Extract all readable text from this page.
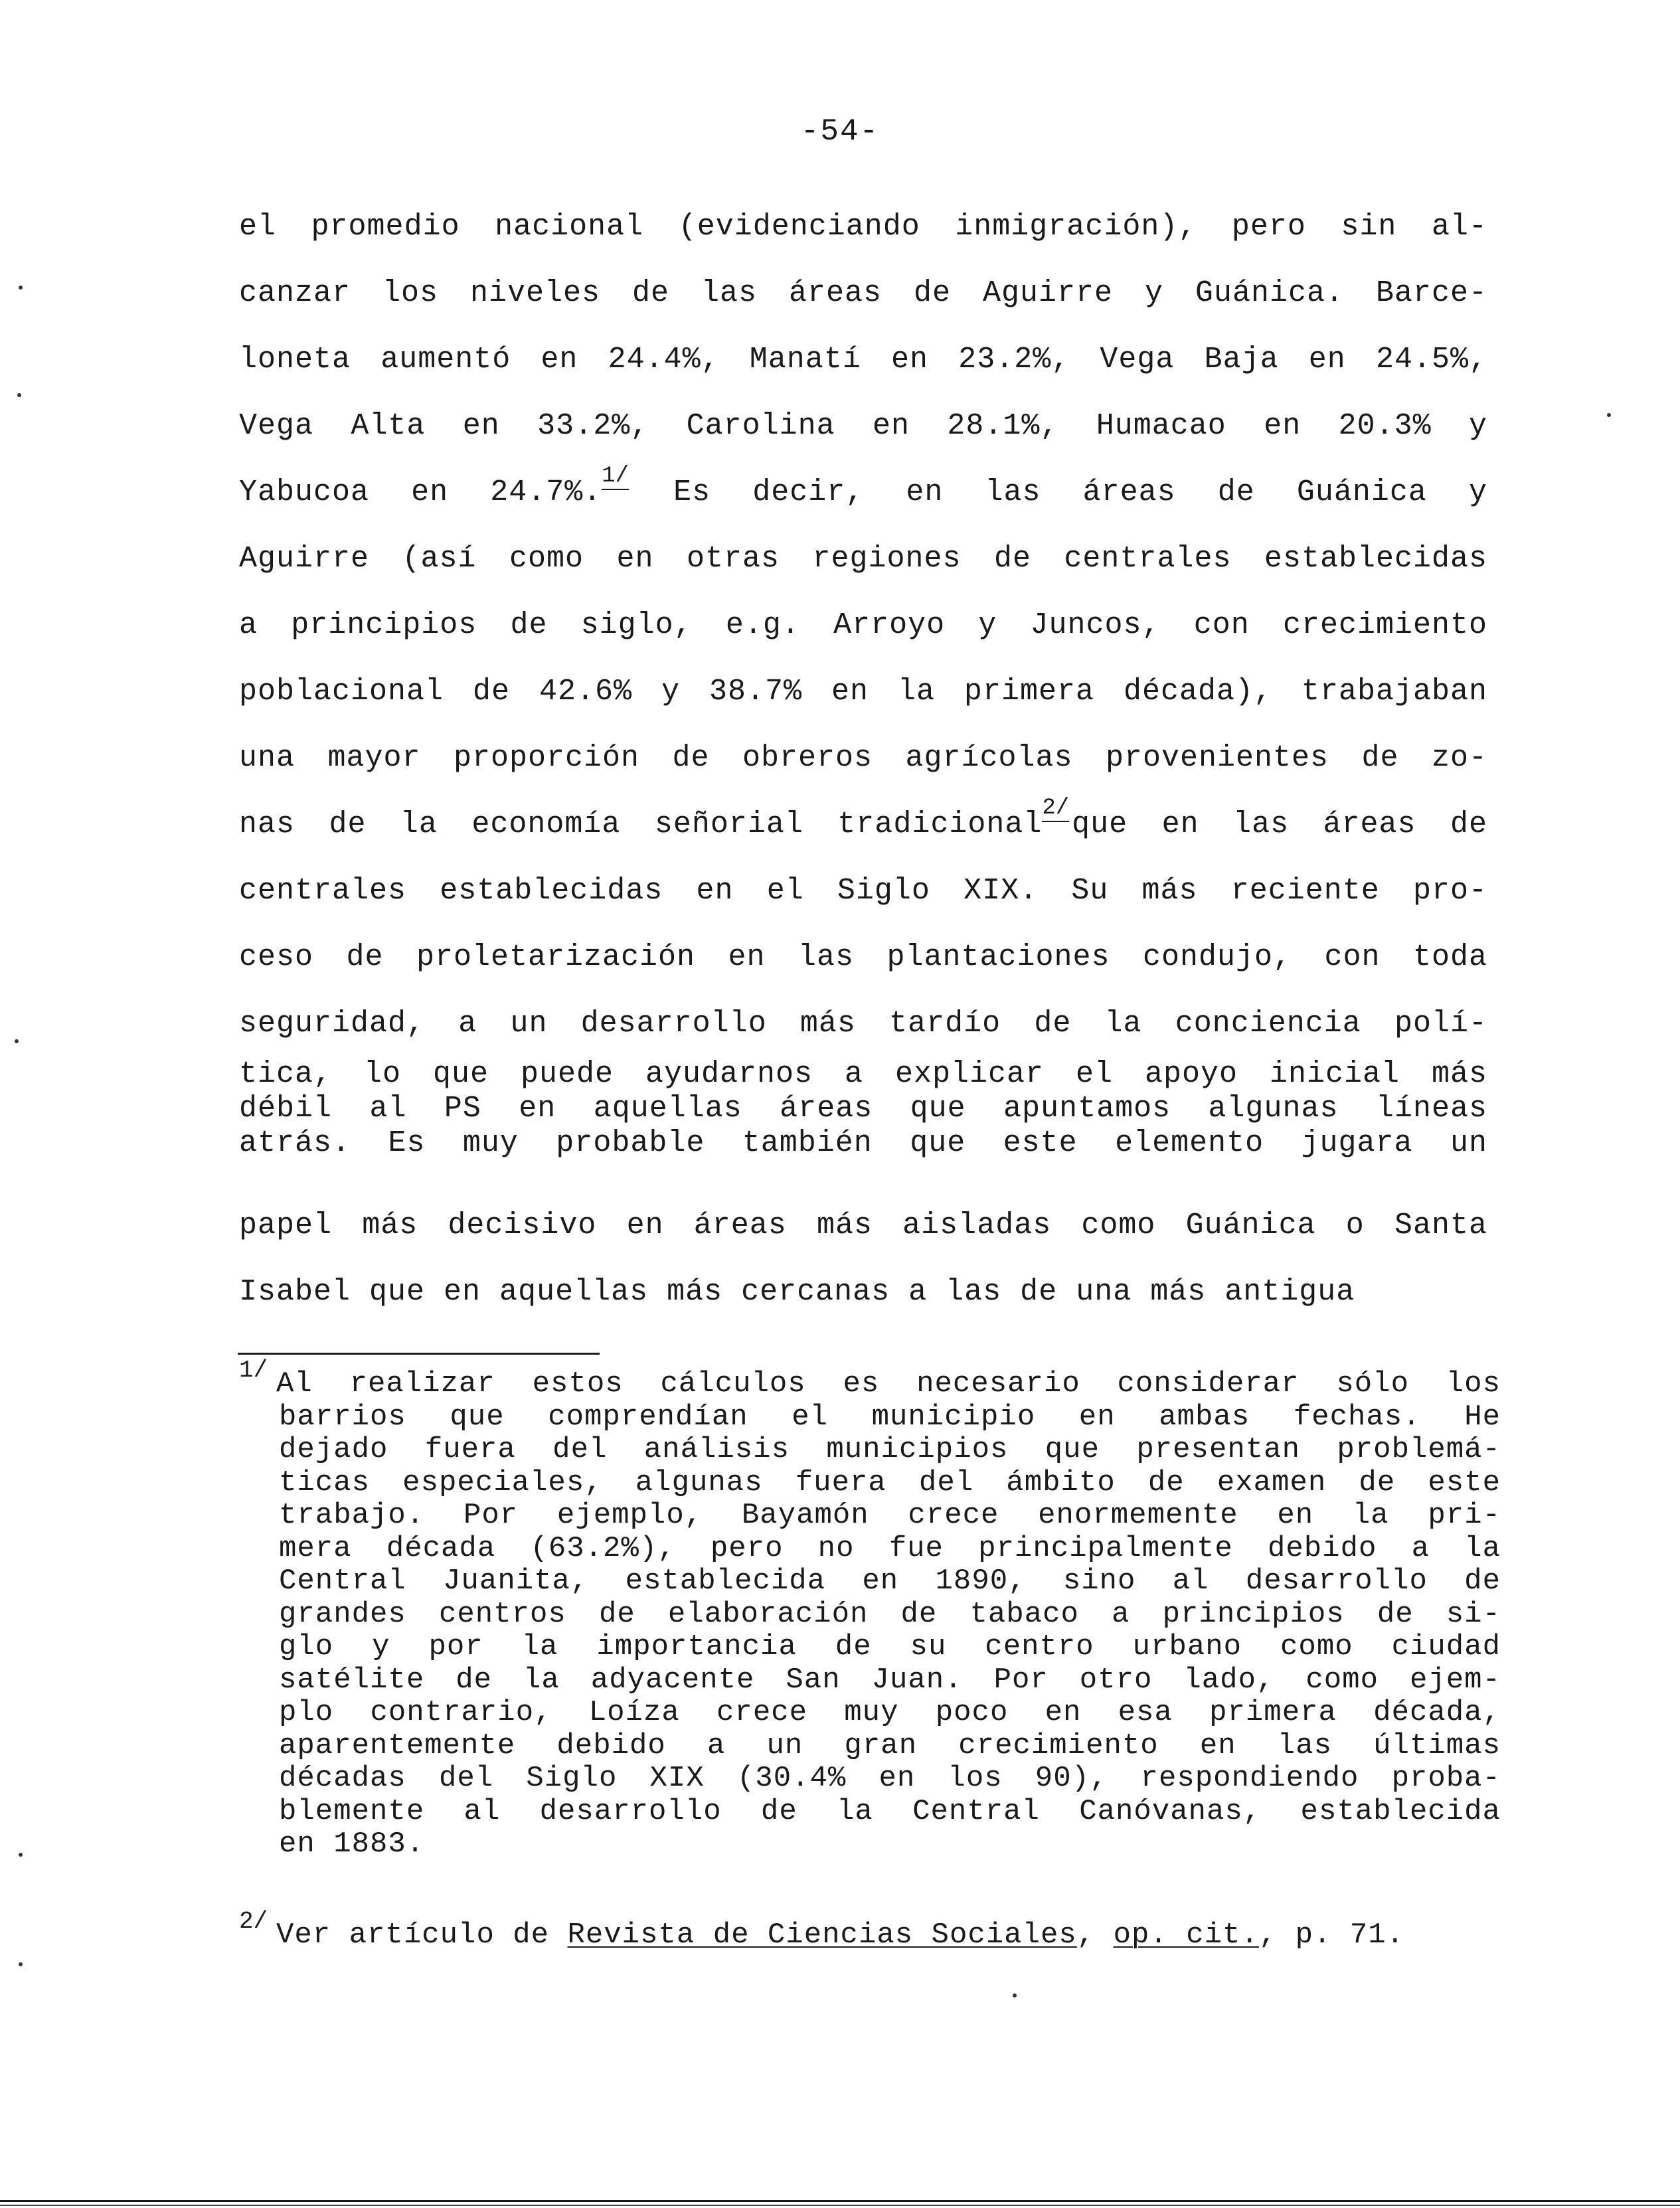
-54-
el promedio nacional (evidenciando inmigración), pero sin al-
canzar los niveles de las áreas de Aguirre y Guánica. Barce-
loneta aumentó en 24.4%, Manatí en 23.2%, Vega Baja en 24.5%,
Vega Alta en 33.2%, Carolina en 28.1%, Humacao en 20.3% y
Yabucoa en 24.7%.$^{1/}$ Es decir, en las áreas de Guánica y
Aguirre (así como en otras regiones de centrales establecidas
a principios de siglo, e.g. Arroyo y Juncos, con crecimiento
poblacional de 42.6% y 38.7% en la primera década), trabajaban
una mayor proporción de obreros agrícolas provenientes de zo-
nas de la economía señorial tradicional$^{2/}$que en las áreas de
centrales establecidas en el Siglo XIX. Su más reciente pro-
ceso de proletarización en las plantaciones condujo, con toda
seguridad, a un desarrollo más tardío de la conciencia polí-
tica, lo que puede ayudarnos a explicar el apoyo inicial más
débil al PS en aquellas áreas que apuntamos algunas líneas
atrás. Es muy probable también que este elemento jugara un
papel más decisivo en áreas más aisladas como Guánica o Santa
Isabel que en aquellas más cercanas a las de una más antigua
1/ Al realizar estos cálculos es necesario considerar sólo los
barrios que comprendían el municipio en ambas fechas. He
dejado fuera del análisis municipios que presentan problemá-
ticas especiales, algunas fuera del ámbito de examen de este
trabajo. Por ejemplo, Bayamón crece enormemente en la pri-
mera década (63.2%), pero no fue principalmente debido a la
Central Juanita, establecida en 1890, sino al desarrollo de
grandes centros de elaboración de tabaco a principios de si-
glo y por la importancia de su centro urbano como ciudad
satélite de la adyacente San Juan. Por otro lado, como ejem-
plo contrario, Loíza crece muy poco en esa primera década,
aparentemente debido a un gran crecimiento en las últimas
décadas del Siglo XIX (30.4% en los 90), respondiendo proba-
blemente al desarrollo de la Central Canóvanas, establecida
en 1883.
2/ Ver artículo de Revista de Ciencias Sociales, op. cit., p. 71.
